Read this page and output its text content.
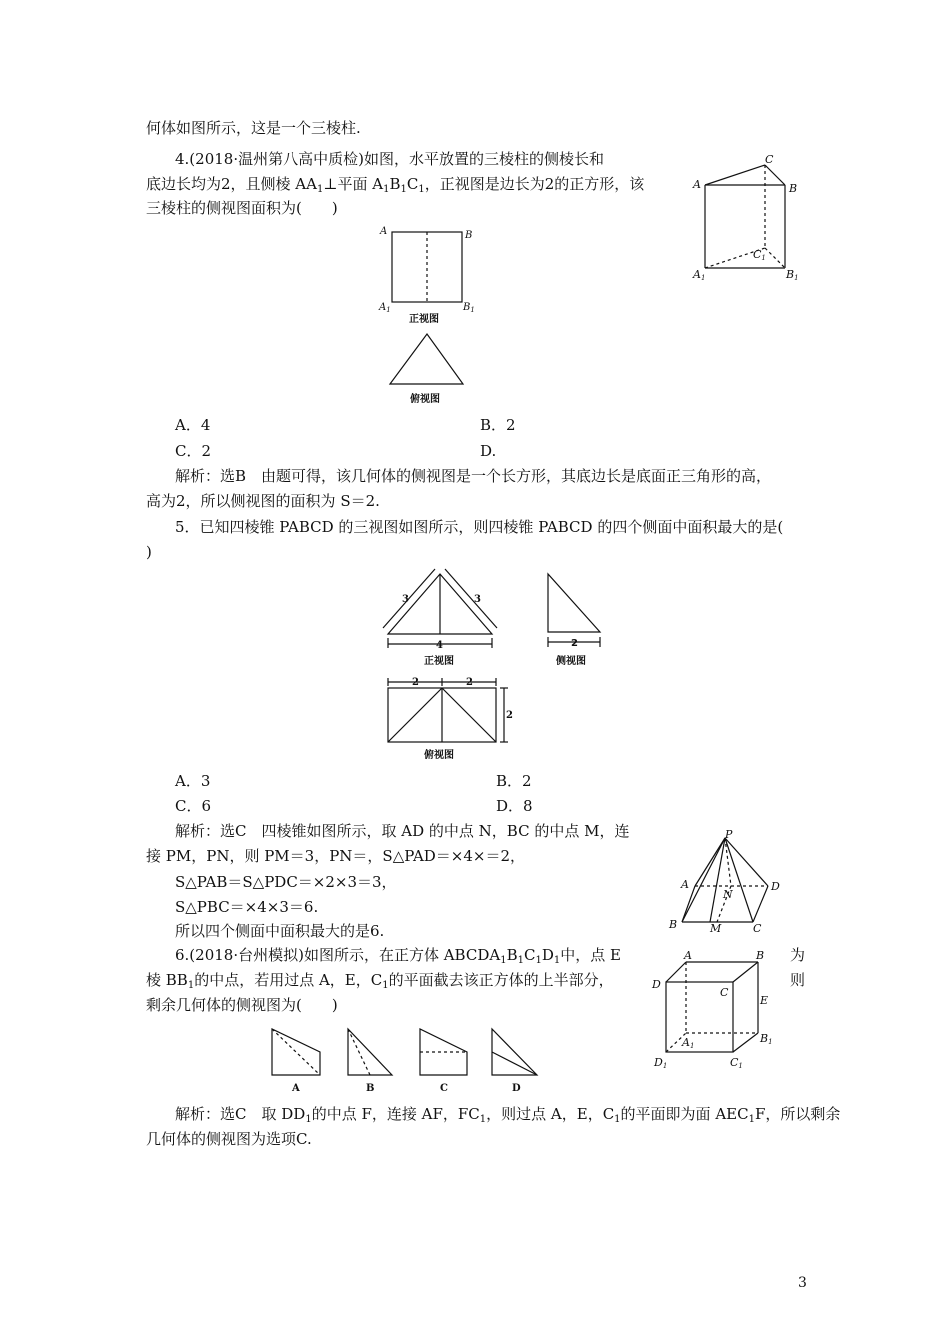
何体如图所示，这是一个三棱柱.
4.(2018·温州第八高中质检)如图，水平放置的三棱柱的侧棱长和
底边长均为2，且侧棱 $AA_1\perp$平面 $A_1B_1C_1$，正视图是边长为2的正方形，该
三棱柱的侧视图面积为(　　)
A．4	B．2
C．2	D.
解析：选B　由题可得，该几何体的侧视图是一个长方形，其底边长是底面正三角形的高，
高为2，所以侧视图的面积为 S＝2.
5．已知四棱锥 PABCD 的三视图如图所示，则四棱锥 PABCD 的四个侧面中面积最大的是(
)
A．3	B．2
C．6	D．8
解析：选C　四棱锥如图所示，取 AD 的中点 N，BC 的中点 M，连
接 PM，PN，则 PM＝3，PN＝，S△PAD＝×4×＝2，
S△PAB＝S△PDC＝×2×3＝3，
S△PBC＝×4×3＝6.
所以四个侧面中面积最大的是6.
6.(2018·台州模拟)如图所示，在正方体 $ABCDA_1B_1C_1D_1$中，点 E	为
棱 $BB_1$的中点，若用过点 A，E，$C_1$的平面截去该正方体的上半部分，	则
剩余几何体的侧视图为(　　)
解析：选C　取 $DD_1$的中点 F，连接 AF，$FC_1$，则过点 A，E，$C_1$的平面即为面 $AEC_1F$，所以剩余
几何体的侧视图为选项C.
3
A	B
C
C1
A1	B1
A	B
$A_1$	$B_1$
正视图
俯视图
3	3
4
正视图
2
侧视图
2	2
2
俯视图
P
A	D
N
B	M	C
A	B
D
C
E
A1
B1
D1	C1
A	B	C	D
